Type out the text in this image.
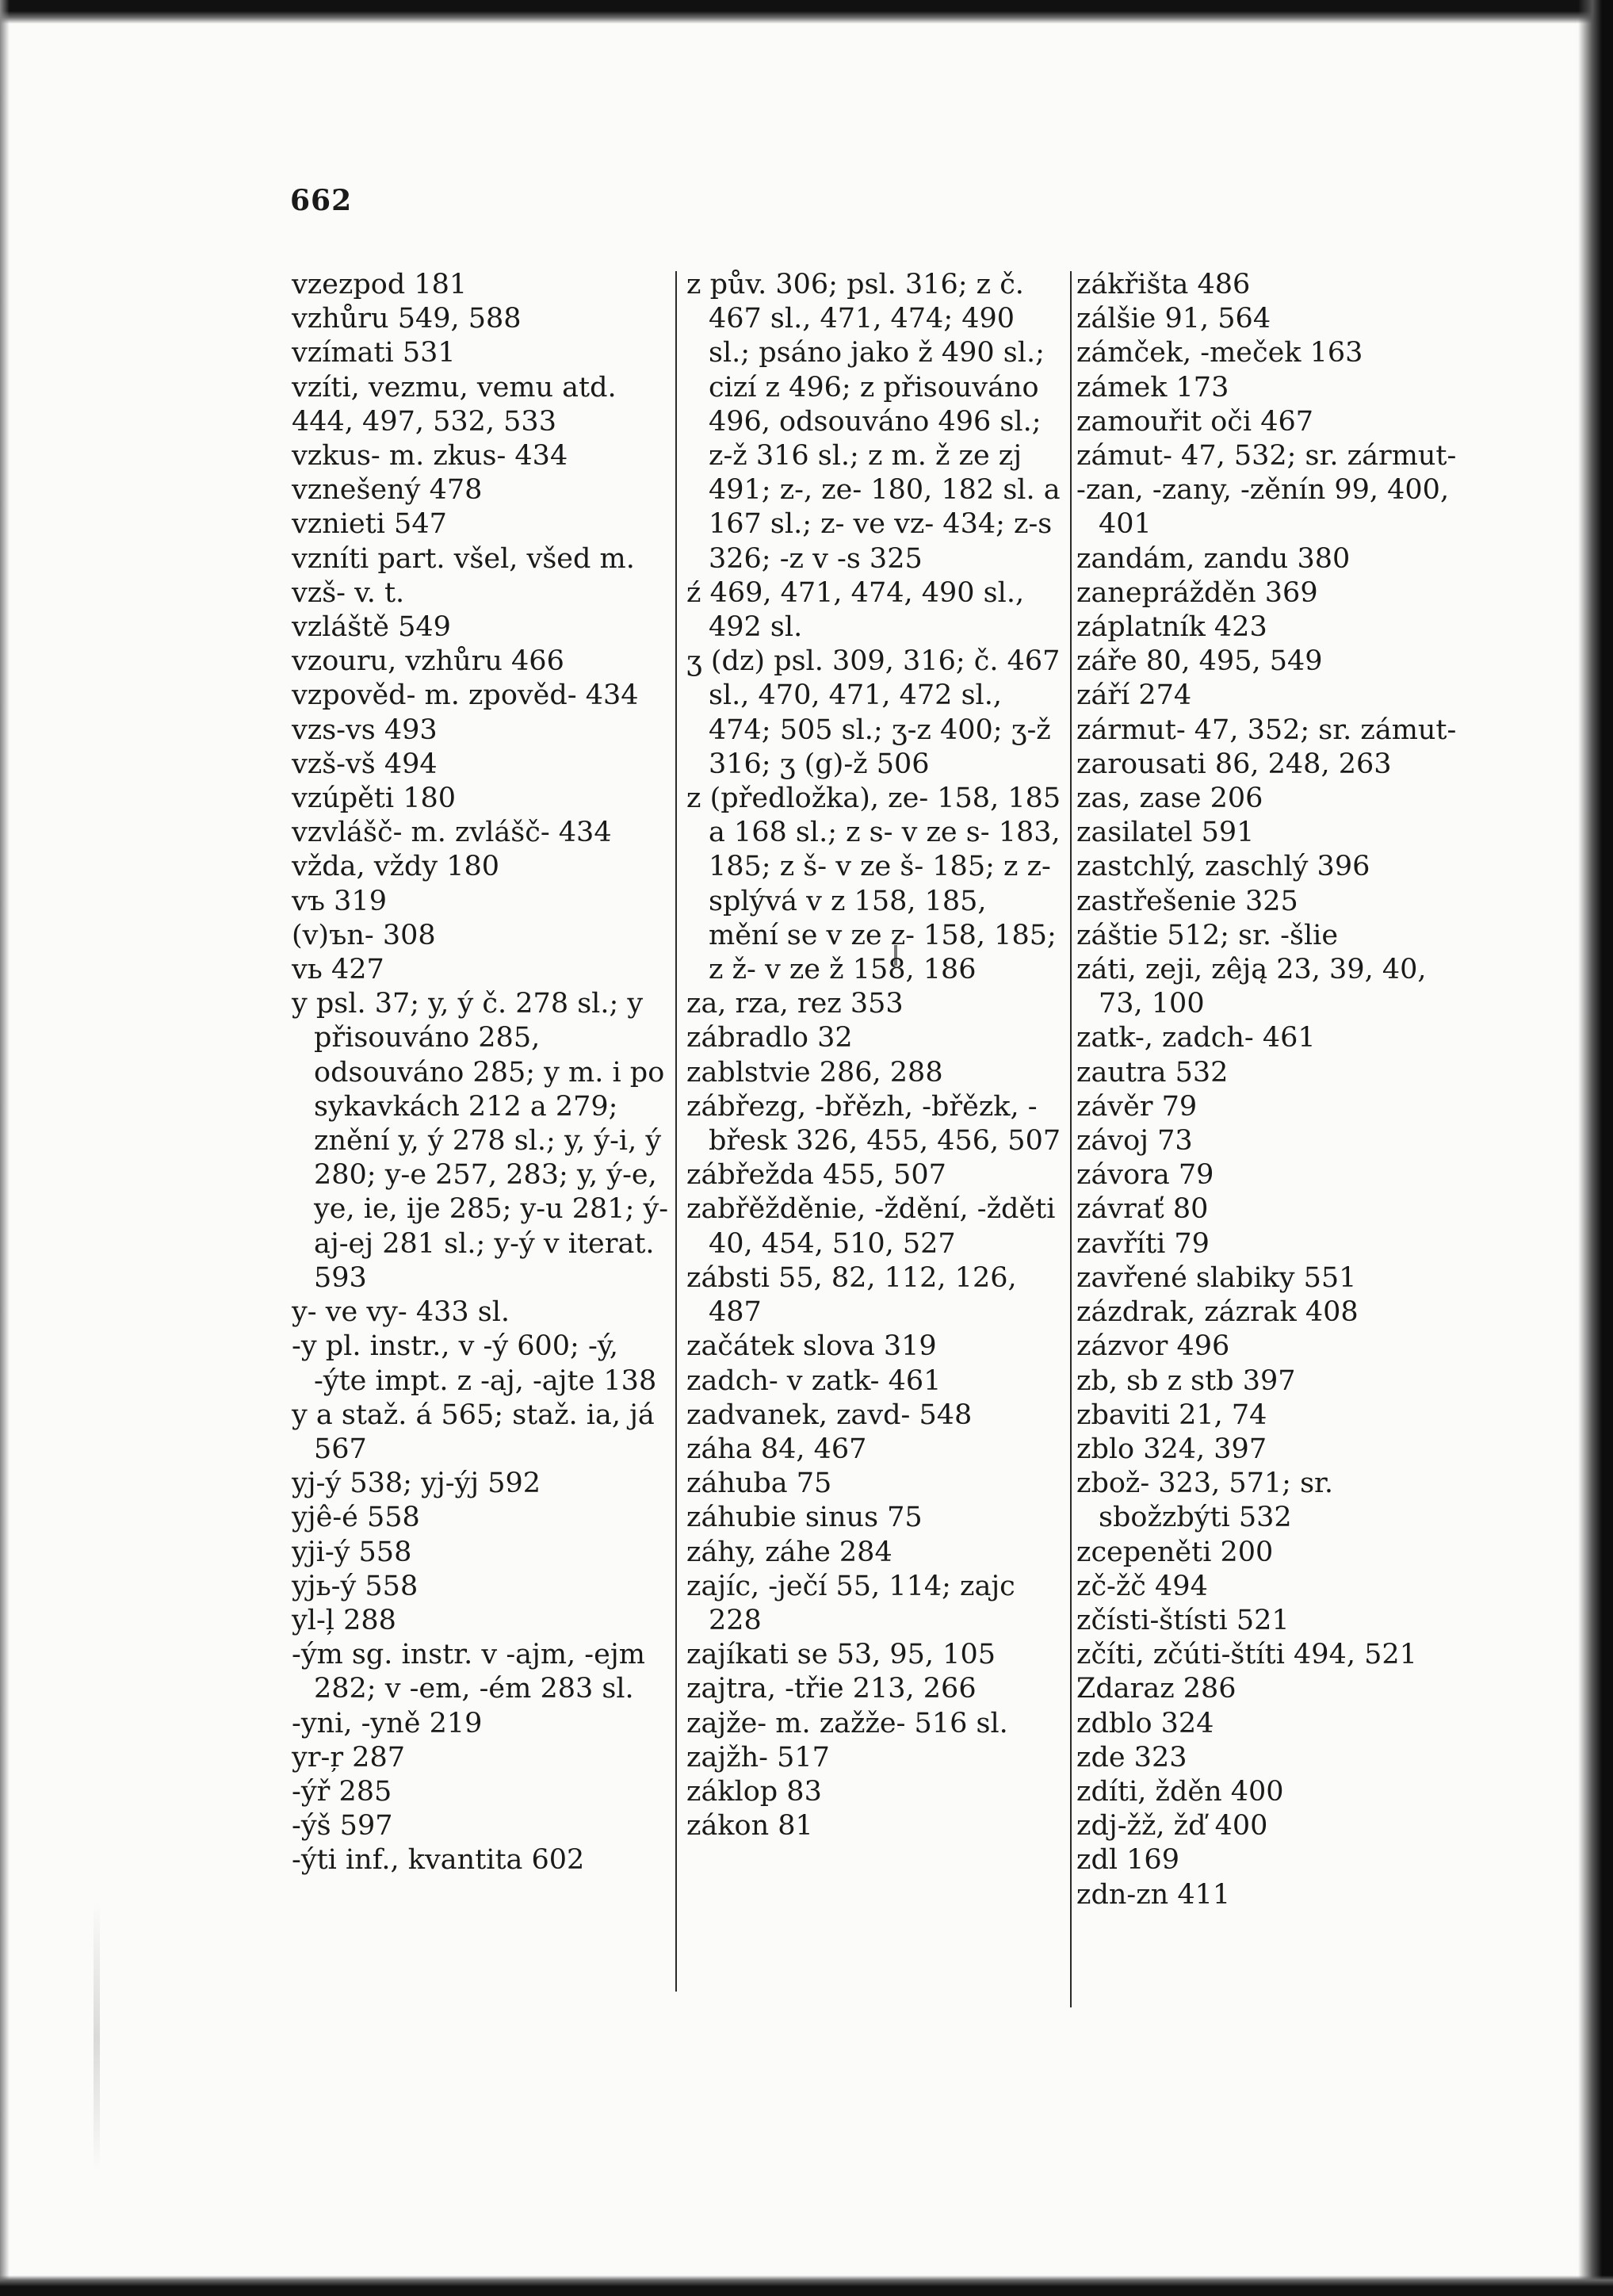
662
vzezpod 181
vzhůru 549, 588
vzímati 531
vzíti, vezmu, vemu atd.
444, 497, 532, 533
vzkus- m. zkus- 434
vznešený 478
vznieti 547
vzníti part. všel, všed m.
vzš- v. t.
vzláště 549
vzouru, vzhůru 466
vzpověd- m. zpověd- 434
vzs-vs 493
vzš-vš 494
vzúpěti 180
vzvlášč- m. zvlášč- 434
vžda, vždy 180
vъ 319
(v)ъn- 308
vь 427
y psl. 37; y, ý č. 278 sl.; y přisouváno 285, odsouváno 285; y m. i po sykavkách 212 a 279; znění y, ý 278 sl.; y, ý-i, ý 280; y-e 257, 283; y, ý-e, ye, ie, ije 285; y-u 281; ý-aj-ej 281 sl.; y-ý v iterat. 593
y- ve vy- 433 sl.
-y pl. instr., v -ý 600; -ý, -ýte impt. z -aj, -ajte 138
y a staž. á 565; staž. ia, já 567
yj-ý 538; yj-ýj 592
yjê-é 558
yji-ý 558
yjь-ý 558
yl-ļ 288
-ým sg. instr. v -ajm, -ejm 282; v -em, -ém 283 sl.
-yni, -yně 219
yr-ŗ 287
-ýř 285
-ýš 597
-ýti inf., kvantita 602
z pův. 306; psl. 316; z č. 467 sl., 471, 474; 490 sl.; psáno jako ž 490 sl.; cizí z 496; z přisouváno 496, odsouváno 496 sl.; z-ž 316 sl.; z m. ž ze zj 491; z-, ze- 180, 182 sl. a 167 sl.; z- ve vz- 434; z-s 326; -z v -s 325
ź 469, 471, 474, 490 sl., 492 sl.
ʒ (dz) psl. 309, 316; č. 467 sl., 470, 471, 472 sl., 474; 505 sl.; ʒ-z 400; ʒ-ž 316; ʒ (g)-ž 506
z (předložka), ze- 158, 185 a 168 sl.; z s- v ze s- 183, 185; z š- v ze š- 185; z z- splývá v z 158, 185, mění se v ze z- 158, 185; z ž- v ze ž 158, 186
za, rza, rez 353
zábradlo 32
zablstvie 286, 288
zábřezg, -břězh, -břězk, -břesk 326, 455, 456, 507
zábřežda 455, 507
zabřěžděnie, -ždění, -žděti 40, 454, 510, 527
zábsti 55, 82, 112, 126, 487
začátek slova 319
zadch- v zatk- 461
zadvanek, zavd- 548
záha 84, 467
záhuba 75
záhubie sinus 75
záhy, záhe 284
zajíc, -ječí 55, 114; zajc 228
zajíkati se 53, 95, 105
zajtra, -třie 213, 266
zajže- m. zažže- 516 sl.
zajžh- 517
záklop 83
zákon 81
zákřišta 486
zálšie 91, 564
zámček, -meček 163
zámek 173
zamouřit oči 467
zámut- 47, 532; sr. zármut-
-zan, -zany, -zěnín 99, 400, 401
zandám, zandu 380
zaneprážděn 369
záplatník 423
záře 80, 495, 549
září 274
zármut- 47, 352; sr. zámut-
zarousati 86, 248, 263
zas, zase 206
zasilatel 591
zastchlý, zaschlý 396
zastřešenie 325
záštie 512; sr. -šlie
záti, zeji, zêją 23, 39, 40, 73, 100
zatk-, zadch- 461
zautra 532
závěr 79
závoj 73
závora 79
závrať 80
zavříti 79
zavřené slabiky 551
zázdrak, zázrak 408
zázvor 496
zb, sb z stb 397
zbaviti 21, 74
zblo 324, 397
zbož- 323, 571; sr. sbožzbýti 532
zcepeněti 200
zč-žč 494
zčísti-štísti 521
zčíti, zčúti-štíti 494, 521
Zdaraz 286
zdblo 324
zde 323
zdíti, žděn 400
zdj-žž, žď 400
zdl 169
zdn-zn 411
